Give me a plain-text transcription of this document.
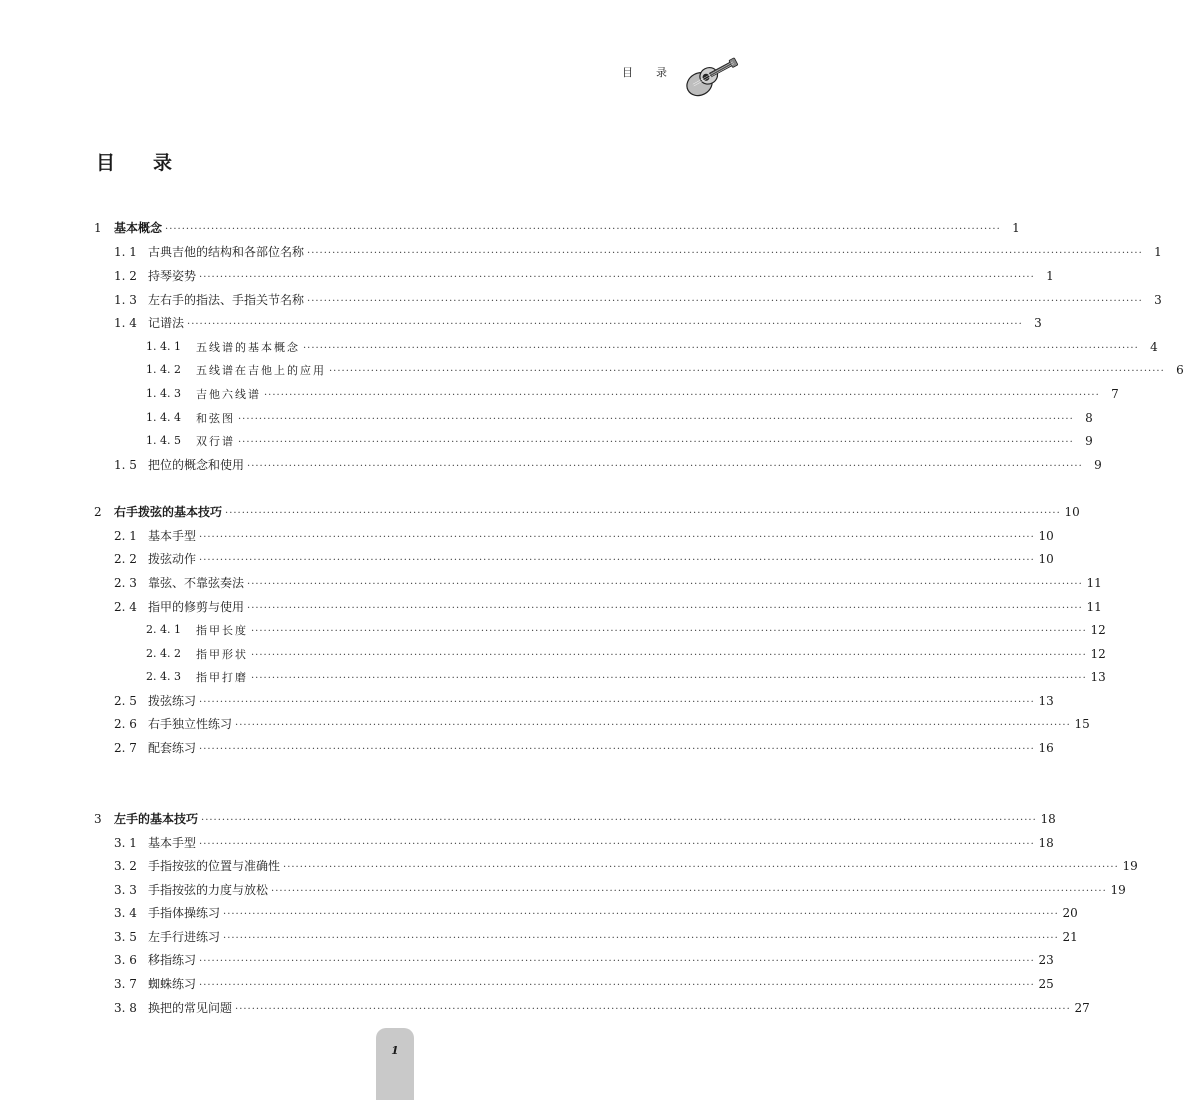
目 录
目 录
1 基本概念 ········································································································································································································ 1
1. 1 古典吉他的结构和各部位名称 ········································································································································································································ 1
1. 2 持琴姿势 ········································································································································································································ 1
1. 3 左右手的指法、手指关节名称 ········································································································································································································ 3
1. 4 记谱法 ········································································································································································································ 3
1. 4. 1 五线谱的基本概念 ········································································································································································································ 4
1. 4. 2 五线谱在吉他上的应用 ········································································································································································································ 6
1. 4. 3 吉他六线谱 ········································································································································································································ 7
1. 4. 4 和弦图 ········································································································································································································ 8
1. 4. 5 双行谱 ········································································································································································································ 9
1. 5 把位的概念和使用 ········································································································································································································ 9
2 右手拨弦的基本技巧 ········································································································································································································ 10
2. 1 基本手型 ········································································································································································································ 10
2. 2 拨弦动作 ········································································································································································································ 10
2. 3 靠弦、不靠弦奏法 ········································································································································································································ 11
2. 4 指甲的修剪与使用 ········································································································································································································ 11
2. 4. 1 指甲长度 ········································································································································································································ 12
2. 4. 2 指甲形状 ········································································································································································································ 12
2. 4. 3 指甲打磨 ········································································································································································································ 13
2. 5 拨弦练习 ········································································································································································································ 13
2. 6 右手独立性练习 ········································································································································································································ 15
2. 7 配套练习 ········································································································································································································ 16
3 左手的基本技巧 ········································································································································································································ 18
3. 1 基本手型 ········································································································································································································ 18
3. 2 手指按弦的位置与准确性 ········································································································································································································ 19
3. 3 手指按弦的力度与放松 ········································································································································································································ 19
3. 4 手指体操练习 ········································································································································································································ 20
3. 5 左手行进练习 ········································································································································································································ 21
3. 6 移指练习 ········································································································································································································ 23
3. 7 蜘蛛练习 ········································································································································································································ 25
3. 8 换把的常见问题 ········································································································································································································ 27
1
